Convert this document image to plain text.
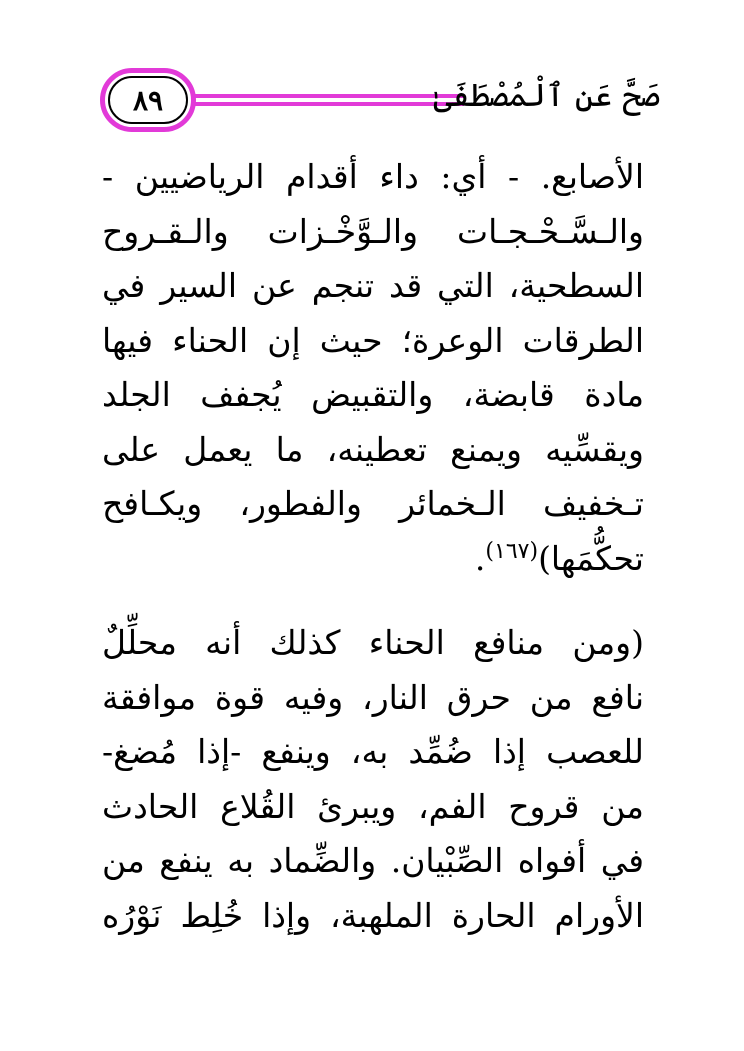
٨٩	صَحَّ عَنِ ٱلْمُصْطَفَىٰ

الأصابع. - أي: داء أقدام الرياضيين -
والـسَّـحْـجـات والـوَّخْـزات والـقـروح
السطحية، التي قد تنجم عن السير في
الطرقات الوعرة؛ حيث إن الحناء فيها
مادة قابضة، والتقبيض يُجفف الجلد
ويقسِّيه ويمنع تعطينه، ما يعمل على
تـخفيف الـخمائر والفطور، ويكـافح
تحكُّمَها)$^{(١٦٧)}$.

(ومن منافع الحناء كذلك أنه محلِّلٌ
نافع من حرق النار، وفيه قوة موافقة
للعصب إذا ضُمِّد به، وينفع -إذا مُضغ-
من قروح الفم، ويبرئ القُلاع الحادث
في أفواه الصِّبْيان. والضِّماد به ينفع من
الأورام الحارة الملهبة، وإذا خُلِط نَوْرُه
